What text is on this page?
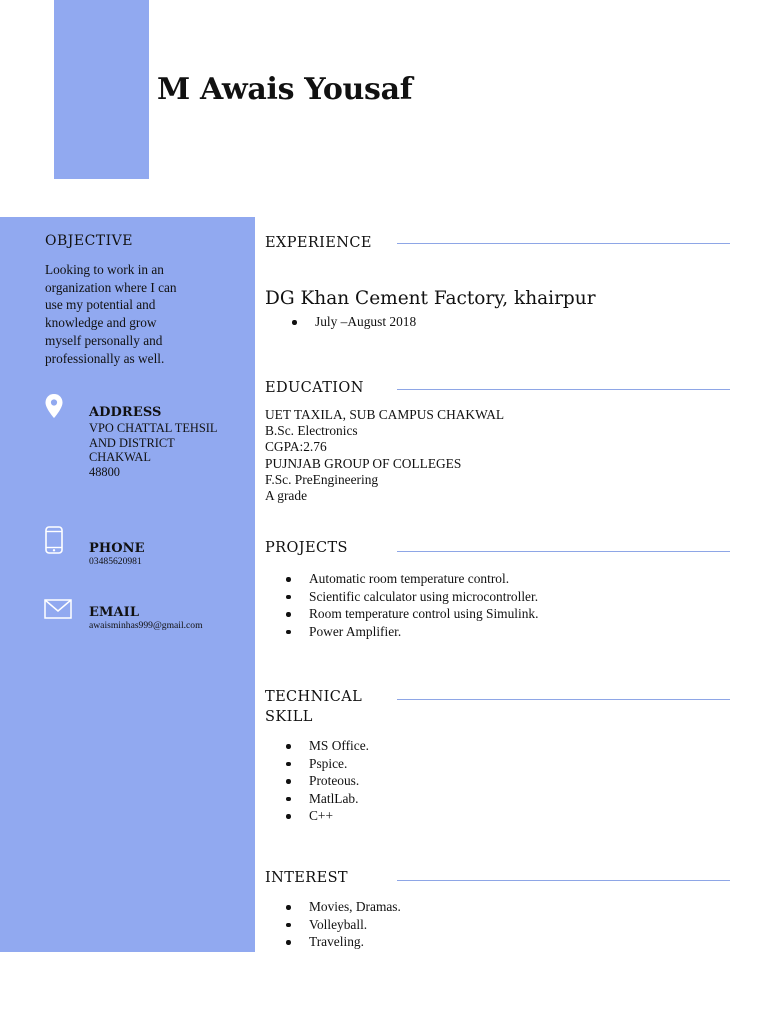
M Awais Yousaf
OBJECTIVE

Looking to work in an organization where I can use my potential and knowledge and grow myself personally and professionally as well.

ADDRESS

VPO CHATTAL TEHSIL

AND DISTRICT

CHAKWAL

48800

PHONE

03485620981

EMAIL

awaisminhas999@gmail.com

EXPERIENCE
DG Khan Cement Factory, khairpur
July –August 2018
EDUCATION
UET TAXILA, SUB CAMPUS CHAKWAL
B.Sc. Electronics
CGPA:2.76
PUJNJAB GROUP OF COLLEGES
F.Sc. PreEngineering
A grade
PROJECTS
Automatic room temperature control.
Scientific calculator using microcontroller.
Room temperature control using Simulink.
Power Amplifier.
TECHNICAL
SKILL
MS Office.
Pspice.
Proteous.
MatlLab.
C++
INTEREST
Movies, Dramas.
Volleyball.
Traveling.
